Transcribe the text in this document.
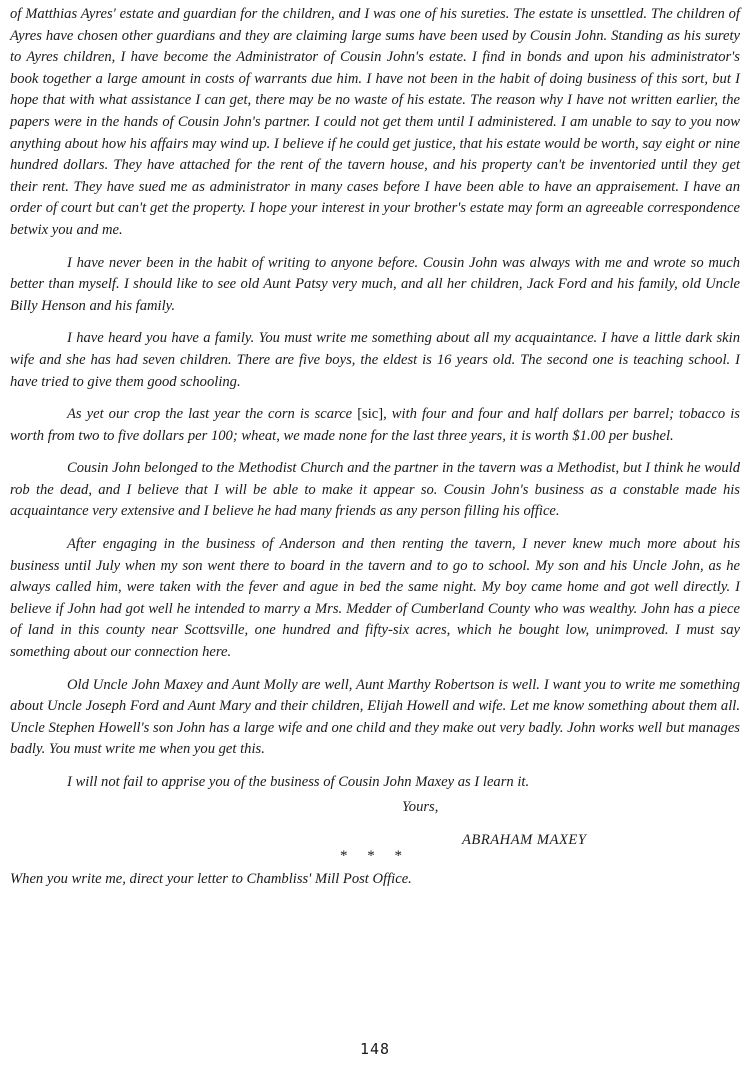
of Matthias Ayres' estate and guardian for the children, and I was one of his sureties. The estate is unsettled. The children of Ayres have chosen other guardians and they are claiming large sums have been used by Cousin John. Standing as his surety to Ayres children, I have become the Administrator of Cousin John's estate. I find in bonds and upon his administrator's book together a large amount in costs of warrants due him. I have not been in the habit of doing business of this sort, but I hope that with what assistance I can get, there may be no waste of his estate. The reason why I have not written earlier, the papers were in the hands of Cousin John's partner. I could not get them until I administered. I am unable to say to you now anything about how his affairs may wind up. I believe if he could get justice, that his estate would be worth, say eight or nine hundred dollars. They have attached for the rent of the tavern house, and his property can't be inventoried until they get their rent. They have sued me as administrator in many cases before I have been able to have an appraisement. I have an order of court but can't get the property. I hope your interest in your brother's estate may form an agreeable correspondence betwix you and me.

I have never been in the habit of writing to anyone before. Cousin John was always with me and wrote so much better than myself. I should like to see old Aunt Patsy very much, and all her children, Jack Ford and his family, old Uncle Billy Henson and his family.

I have heard you have a family. You must write me something about all my acquaintance. I have a little dark skin wife and she has had seven children. There are five boys, the eldest is 16 years old. The second one is teaching school. I have tried to give them good schooling.

As yet our crop the last year the corn is scarce [sic], with four and four and half dollars per barrel; tobacco is worth from two to five dollars per 100; wheat, we made none for the last three years, it is worth $1.00 per bushel.

Cousin John belonged to the Methodist Church and the partner in the tavern was a Methodist, but I think he would rob the dead, and I believe that I will be able to make it appear so. Cousin John's business as a constable made his acquaintance very extensive and I believe he had many friends as any person filling his office.

After engaging in the business of Anderson and then renting the tavern, I never knew much more about his business until July when my son went there to board in the tavern and to go to school. My son and his Uncle John, as he always called him, were taken with the fever and ague in bed the same night. My boy came home and got well directly. I believe if John had got well he intended to marry a Mrs. Medder of Cumberland County who was wealthy. John has a piece of land in this county near Scottsville, one hundred and fifty-six acres, which he bought low, unimproved. I must say something about our connection here.

Old Uncle John Maxey and Aunt Molly are well, Aunt Marthy Robertson is well. I want you to write me something about Uncle Joseph Ford and Aunt Mary and their children, Elijah Howell and wife. Let me know something about them all. Uncle Stephen Howell's son John has a large wife and one child and they make out very badly. John works well but manages badly. You must write me when you get this.

I will not fail to apprise you of the business of Cousin John Maxey as I learn it.

Yours,
ABRAHAM MAXEY

When you write me, direct your letter to Chambliss' Mill Post Office.

* * *
148
